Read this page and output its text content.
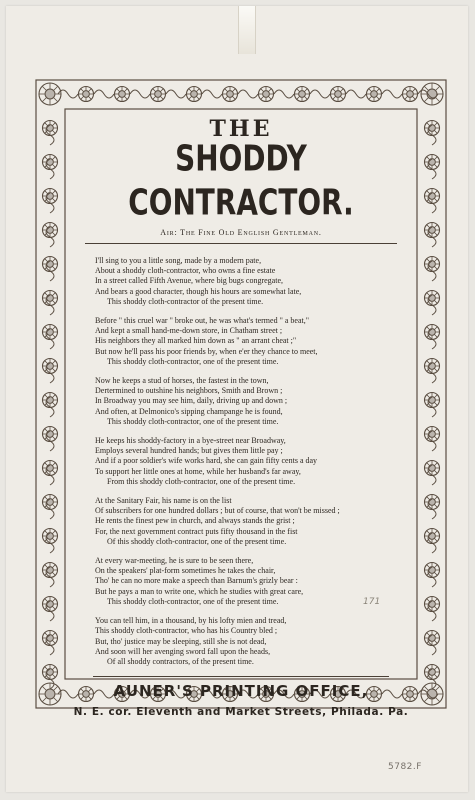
THE
SHODDY CONTRACTOR.
Air: The Fine Old English Gentleman.
I'll sing to you a little song, made by a modern pate,
About a shoddy cloth-contractor, who owns a fine estate
In a street called Fifth Avenue, where big bugs congregate,
And bears a good character, though his hours are somewhat late,
This shoddy cloth-contractor of the present time.
Before " this cruel war " broke out, he was what's termed " a beat,"
And kept a small hand-me-down store, in Chatham street ;
His neighbors they all marked him down as " an arrant cheat ;"
But now he'll pass his poor friends by, when e'er they chance to meet,
This shoddy cloth-contractor, one of the present time.
Now he keeps a stud of horses, the fastest in the town,
Dertermined to outshine his neighbors, Smith and Brown ;
In Broadway you may see him, daily, driving up and down ;
And often, at Delmonico's sipping champange he is found,
This shoddy cloth-contractor, one of the present time.
He keeps his shoddy-factory in a bye-street near Broadway,
Employs several hundred hands; but gives them little pay ;
And if a poor soldier's wife works hard, she can gain fifty cents a day
To support her little ones at home, while her husband's far away,
From this shoddy cloth-contractor, one of the present time.
At the Sanitary Fair, his name is on the list
Of subscribers for one hundred dollars ; but of course, that won't be missed ;
He rents the finest pew in church, and always stands the grist ;
For, the next government contract puts fifty thousand in the fist
Of this shoddy cloth-contractor, one of the present time.
At every war-meeting, he is sure to be seen there,
On the speakers' plat-form sometimes he takes the chair,
Tho' he can no more make a speech than Barnum's grizly bear :
But he pays a man to write one, which he studies with great care,
This shoddy cloth-contractor, one of the present time.
You can tell him, in a thousand, by his lofty mien and tread,
This shoddy cloth-contractor, who has his Country bled ;
But, tho' justice may be sleeping, still she is not dead,
And soon will her avenging sword fall upon the heads,
Of all shoddy contractors, of the present time.
AUNER'S PRINTING OFFICE,
N. E. cor. Eleventh and Market Streets, Philada. Pa.
171
5782.F
